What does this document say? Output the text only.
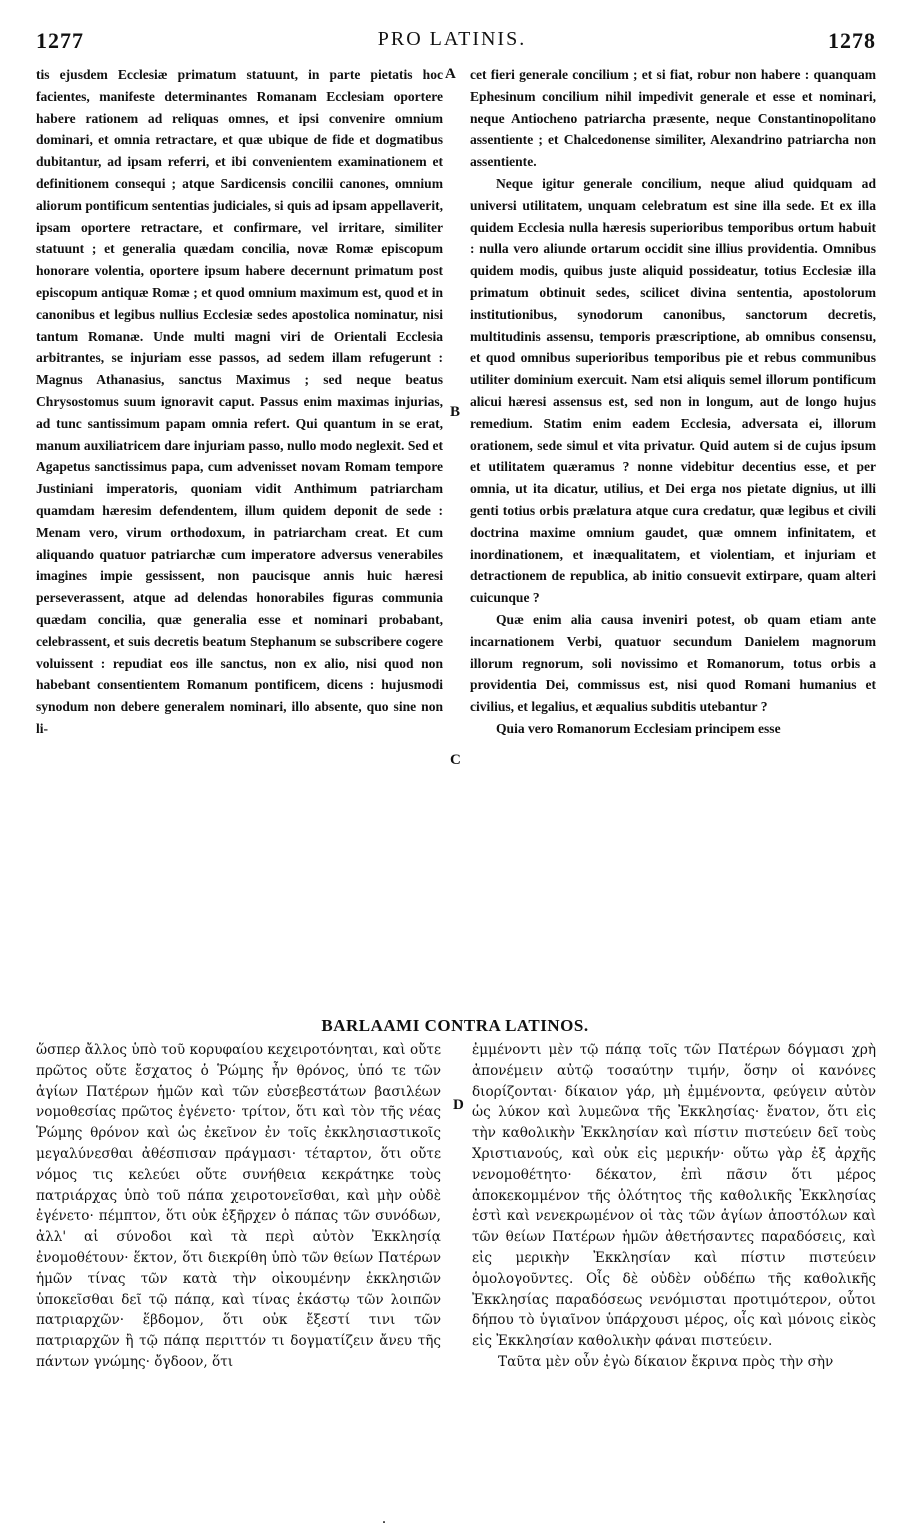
1277	PRO LATINIS.	1278

tis ejusdem Ecclesiæ primatum statuunt, in parte pietatis hoc facientes, manifeste determinantes Romanam Ecclesiam oportere habere rationem ad reliquas omnes, et ipsi convenire omnium dominari, et omnia retractare, et quæ ubique de fide et dogmatibus dubitantur, ad ipsam referri, et ibi convenientem examinationem et definitionem consequi ; atque Sardicensis concilii canones, omnium aliorum pontificum sententias judiciales, si quis ad ipsam appellaverit, ipsam oportere retractare, et confirmare, vel irritare, similiter statuunt ; et generalia quædam concilia, novæ Romæ episcopum honorare volentia, oportere ipsum habere decernunt primatum post episcopum antiquæ Romæ ; et quod omnium maximum est, quod et in canonibus et legibus nullius Ecclesiæ sedes apostolica nominatur, nisi tantum Romanæ. Unde multi magni viri de Orientali Ecclesia arbitrantes, se injuriam esse passos, ad sedem illam refugerunt : Magnus Athanasius, sanctus Maximus ; sed neque beatus Chrysostomus suum ignoravit caput. Passus enim maximas injurias, ad tunc santissimum papam omnia refert. Qui quantum in se erat, manum auxiliatricem dare injuriam passo, nullo modo neglexit. Sed et Agapetus sanctissimus papa, cum advenisset novam Romam tempore Justiniani imperatoris, quoniam vidit Anthimum patriarcham quamdam hæresim defendentem, illum quidem deponit de sede : Menam vero, virum orthodoxum, in patriarcham creat. Et cum aliquando quatuor patriarchæ cum imperatore adversus venerabiles imagines impie gessissent, non paucisque annis huic hæresi perseverassent, atque ad delendas honorabiles figuras communia quædam concilia, quæ generalia esse et nominari probabant, celebrassent, et suis decretis beatum Stephanum se subscribere cogere voluissent : repudiat eos ille sanctus, non ex alio, nisi quod non habebant consentientem Romanum pontificem, dicens : hujusmodi synodum non debere generalem nominari, illo absente, quo sine non li-

A
B
C

cet fieri generale concilium ; et si fiat, robur non habere : quanquam Ephesinum concilium nihil impedivit generale et esse et nominari, neque Antiocheno patriarcha præsente, neque Constantinopolitano assentiente ; et Chalcedonense similiter, Alexandrino patriarcha non assentiente.

Neque igitur generale concilium, neque aliud quidquam ad universi utilitatem, unquam celebratum est sine illa sede. Et ex illa quidem Ecclesia nulla hæresis superioribus temporibus ortum habuit : nulla vero aliunde ortarum occidit sine illius providentia. Omnibus quidem modis, quibus juste aliquid possideatur, totius Ecclesiæ illa primatum obtinuit sedes, scilicet divina sententia, apostolorum institutionibus, synodorum canonibus, sanctorum decretis, multitudinis assensu, temporis præscriptione, ab omnibus consensu, et quod omnibus superioribus temporibus pie et rebus communibus utiliter dominium exercuit. Nam etsi aliquis semel illorum pontificum alicui hæresi assensus est, sed non in longum, aut de longo hujus remedium. Statim enim eadem Ecclesia, adversata ei, illorum orationem, sede simul et vita privatur. Quid autem si de cujus ipsum et utilitatem quæramus ? nonne videbitur decentius esse, et per omnia, ut ita dicatur, utilius, et Dei erga nos pietate dignius, ut illi genti totius orbis prælatura atque cura credatur, quæ legibus et civili doctrina maxime omnium gaudet, quæ omnem infinitatem, et inordinationem, et inæqualitatem, et violentiam, et injuriam et detractionem de republica, ab initio consuevit extirpare, quam alteri cuicunque ?

Quæ enim alia causa inveniri potest, ob quam etiam ante incarnationem Verbi, quatuor secundum Danielem magnorum illorum regnorum, soli novissimo et Romanorum, totus orbis a providentia Dei, commissus est, nisi quod Romani humanius et civilius, et legalius, et æqualius subditis utebantur ?

Quia vero Romanorum Ecclesiam principem esse

BARLAAMI CONTRA LATINOS.

ὥσπερ ἄλλος ὑπὸ τοῦ κορυφαίου κεχειροτόνηται, καὶ οὔτε πρῶτος οὔτε ἔσχατος ὁ Ῥώμης ἦν θρόνος, ὑπό τε τῶν ἁγίων Πατέρων ἡμῶν καὶ τῶν εὐσεβεστάτων βασιλέων νομοθεσίας πρῶτος ἐγένετο· τρίτον, ὅτι καὶ τὸν τῆς νέας Ῥώμης θρόνον καὶ ὡς ἐκεῖνον ἐν τοῖς ἐκκλησιαστικοῖς μεγαλύνεσθαι ἀθέσπισαν πράγμασι· τέταρτον, ὅτι οὔτε νόμος τις κελεύει οὔτε συνήθεια κεκράτηκε τοὺς πατριάρχας ὑπὸ τοῦ πάπα χειροτονεῖσθαι, καὶ μὴν οὐδὲ ἐγένετο· πέμπτον, ὅτι οὐκ ἐξῆρχεν ὁ πάπας τῶν συνόδων, ἀλλ' αἱ σύνοδοι καὶ τὰ περὶ αὐτὸν Ἐκκλησίᾳ ἐνομοθέτουν· ἕκτον, ὅτι διεκρίθη ὑπὸ τῶν θείων Πατέρων ἡμῶν τίνας τῶν κατὰ τὴν οἰκουμένην ἐκκλησιῶν ὑποκεῖσθαι δεῖ τῷ πάπᾳ, καὶ τίνας ἑκάστῳ τῶν λοιπῶν πατριαρχῶν· ἕβδομον, ὅτι οὐκ ἔξεστί τινι τῶν πατριαρχῶν ἢ τῷ πάπᾳ περιττόν τι δογματίζειν ἄνευ τῆς πάντων γνώμης· ὄγδοον, ὅτι

D

ἐμμένοντι μὲν τῷ πάπᾳ τοῖς τῶν Πατέρων δόγμασι χρὴ ἀπονέμειν αὐτῷ τοσαύτην τιμήν, ὅσην οἱ κανόνες διορίζονται· δίκαιον γάρ, μὴ ἐμμένοντα, φεύγειν αὐτὸν ὡς λύκον καὶ λυμεῶνα τῆς Ἐκκλησίας· ἔνατον, ὅτι εἰς τὴν καθολικὴν Ἐκκλησίαν καὶ πίστιν πιστεύειν δεῖ τοὺς Χριστιανούς, καὶ οὐκ εἰς μερικήν· οὕτω γὰρ ἐξ ἀρχῆς νενομοθέτητο· δέκατον, ἐπὶ πᾶσιν ὅτι μέρος ἀποκεκομμένον τῆς ὁλότητος τῆς καθολικῆς Ἐκκλησίας ἐστὶ καὶ νενεκρωμένον οἱ τὰς τῶν ἁγίων ἀποστόλων καὶ τῶν θείων Πατέρων ἡμῶν ἀθετήσαντες παραδόσεις, καὶ εἰς μερικὴν Ἐκκλησίαν καὶ πίστιν πιστεύειν ὁμολογοῦντες. Οἷς δὲ οὐδὲν οὐδέπω τῆς καθολικῆς Ἐκκλησίας παραδόσεως νενόμισται προτιμότερον, οὗτοι δήπου τὸ ὑγιαῖνον ὑπάρχουσι μέρος, οἷς καὶ μόνοις εἰκὸς εἰς Ἐκκλησίαν καθολικὴν φάναι πιστεύειν.

Ταῦτα μὲν οὖν ἐγὼ δίκαιον ἔκρινα πρὸς τὴν σὴν

.
